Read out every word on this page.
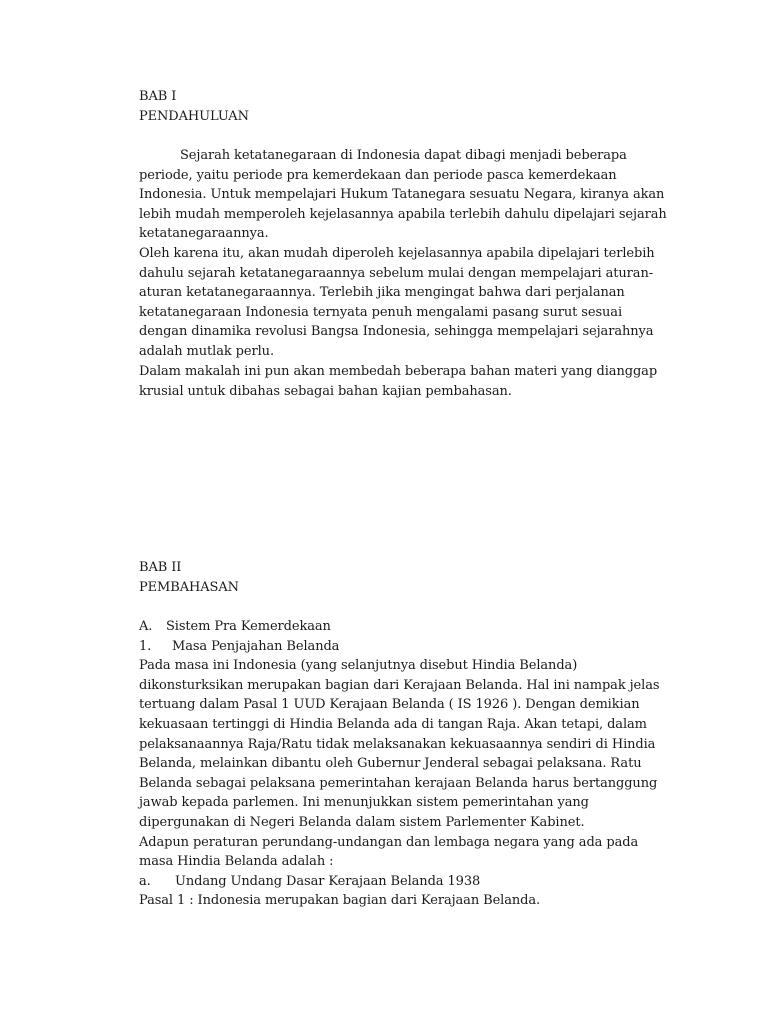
BAB I
PENDAHULUAN
Sejarah ketatanegaraan di Indonesia dapat dibagi menjadi beberapa
periode, yaitu periode pra kemerdekaan dan periode pasca kemerdekaan
Indonesia. Untuk mempelajari Hukum Tatanegara sesuatu Negara, kiranya akan
lebih mudah memperoleh kejelasannya apabila terlebih dahulu dipelajari sejarah
ketatanegaraannya.
Oleh karena itu, akan mudah diperoleh kejelasannya apabila dipelajari terlebih
dahulu sejarah ketatanegaraannya sebelum mulai dengan mempelajari aturan-
aturan ketatanegaraannya. Terlebih jika mengingat bahwa dari perjalanan
ketatanegaraan Indonesia ternyata penuh mengalami pasang surut sesuai
dengan dinamika revolusi Bangsa Indonesia, sehingga mempelajari sejarahnya
adalah mutlak perlu.
Dalam makalah ini pun akan membedah beberapa bahan materi yang dianggap
krusial untuk dibahas sebagai bahan kajian pembahasan.
BAB II
PEMBAHASAN
A. Sistem Pra Kemerdekaan
1. Masa Penjajahan Belanda
Pada masa ini Indonesia (yang selanjutnya disebut Hindia Belanda)
dikonsturksikan merupakan bagian dari Kerajaan Belanda. Hal ini nampak jelas
tertuang dalam Pasal 1 UUD Kerajaan Belanda ( IS 1926 ). Dengan demikian
kekuasaan tertinggi di Hindia Belanda ada di tangan Raja. Akan tetapi, dalam
pelaksanaannya Raja/Ratu tidak melaksanakan kekuasaannya sendiri di Hindia
Belanda, melainkan dibantu oleh Gubernur Jenderal sebagai pelaksana. Ratu
Belanda sebagai pelaksana pemerintahan kerajaan Belanda harus bertanggung
jawab kepada parlemen. Ini menunjukkan sistem pemerintahan yang
dipergunakan di Negeri Belanda dalam sistem Parlementer Kabinet.
Adapun peraturan perundang-undangan dan lembaga negara yang ada pada
masa Hindia Belanda adalah :
a. Undang Undang Dasar Kerajaan Belanda 1938
Pasal 1 : Indonesia merupakan bagian dari Kerajaan Belanda.
